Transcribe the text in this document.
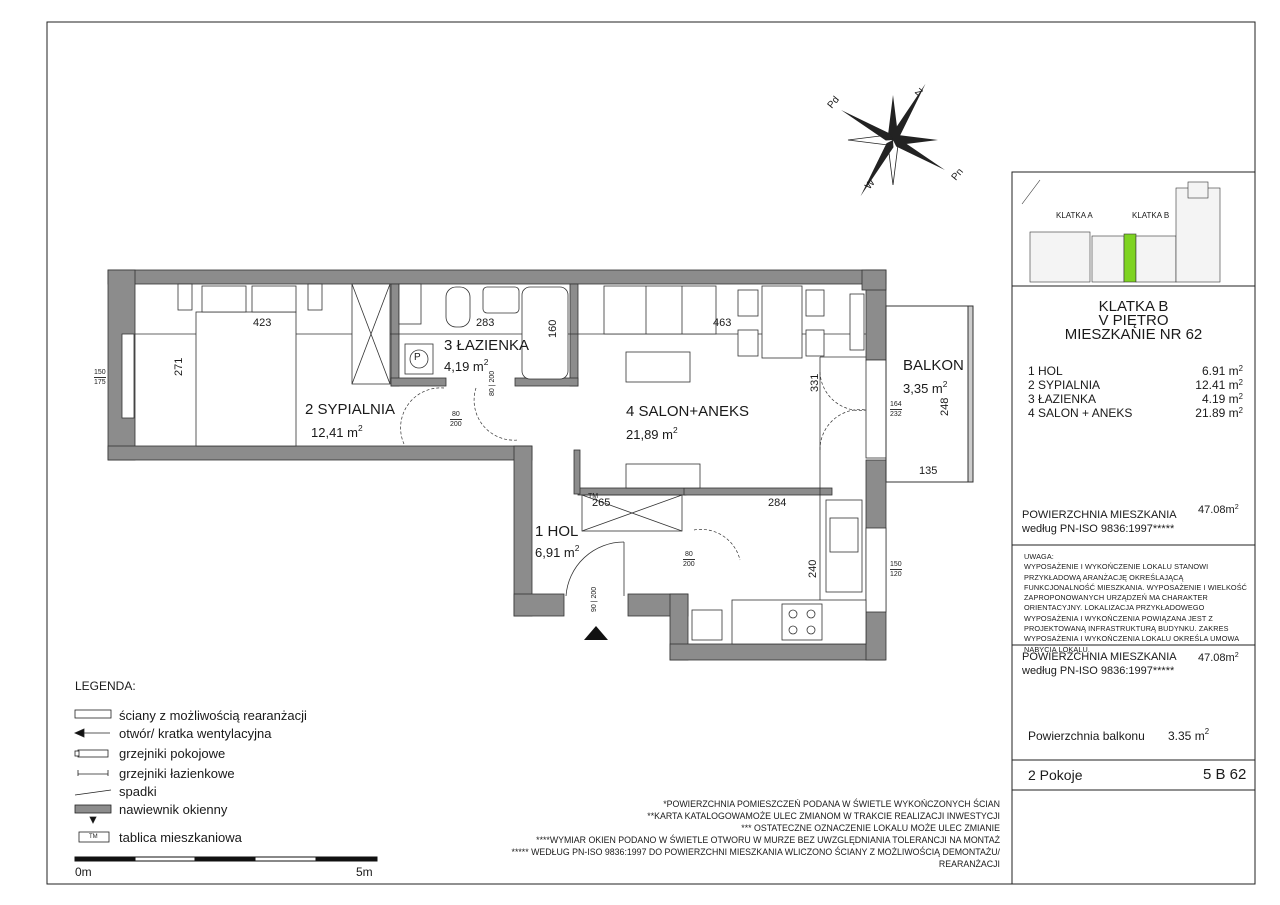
Pd
Z
W
Pn
2 SYPIALNIA
12,41 $m^2$
3 ŁAZIENKA
4,19 $m^2$
4 SALON+ANEKS
21,89 $m^2$
1 HOL
6,91 $m^2$
BALKON
3,35 $m^2$
P
TM
423	283	463
271
160
331
248
135
265	284
240
150
175
164
232
150
120
80
200
80 | 200
80
200
90 | 200
KLATKA A	KLATKA B
KLATKA B
V PIĘTRO
MIESZKANIE NR 62
1 HOL	6.91 $m^2$
2 SYPIALNIA	12.41 $m^2$
3 ŁAZIENKA	4.19 $m^2$
4 SALON + ANEKS	21.89 $m^2$
POWIERZCHNIA MIESZKANIA
według PN-ISO 9836:1997*****
$47.08m^2$
UWAGA:
WYPOSAŻENIE I WYKOŃCZENIE LOKALU STANOWI PRZYKŁADOWĄ ARANŻACJĘ OKREŚLAJĄCĄ FUNKCJONALNOŚĆ MIESZKANIA. WYPOSAŻENIE I WIELKOŚĆ ZAPROPONOWANYCH URZĄDZEŃ MA CHARAKTER ORIENTACYJNY. LOKALIZACJA PRZYKŁADOWEGO WYPOSAŻENIA I WYKOŃCZENIA POWIĄZANA JEST Z PROJEKTOWANĄ INFRASTRUKTURĄ BUDYNKU. ZAKRES WYPOSAŻENIA I WYKOŃCZENIA LOKALU OKREŚLA UMOWA NABYCIA LOKALU.
POWIERZCHNIA MIESZKANIA
według PN-ISO 9836:1997*****
$47.08m^2$
Powierzchnia balkonu 3.35 $m^2$
2 Pokoje	5 B 62
LEGENDA:
ściany z możliwością rearanżacji
otwór/ kratka wentylacyjna
grzejniki pokojowe
grzejniki łazienkowe
spadki
nawiewnik okienny
tablica mieszkaniowa
TM
0m	5m
*POWIERZCHNIA POMIESZCZEŃ PODANA W ŚWIETLE WYKOŃCZONYCH ŚCIAN
**KARTA KATALOGOWAMOŻE ULEC ZMIANOM W TRAKCIE REALIZACJI INWESTYCJI
*** OSTATECZNE OZNACZENIE LOKALU MOŻE ULEC ZMIANIE
****WYMIAR OKIEN PODANO W ŚWIETLE OTWORU W MURZE BEZ UWZGLĘDNIANIA TOLERANCJI NA MONTAŻ
***** WEDŁUG PN-ISO 9836:1997 DO POWIERZCHNI MIESZKANIA WLICZONO ŚCIANY Z MOŻLIWOŚCIĄ DEMONTAŻU/
REARANŻACJI
